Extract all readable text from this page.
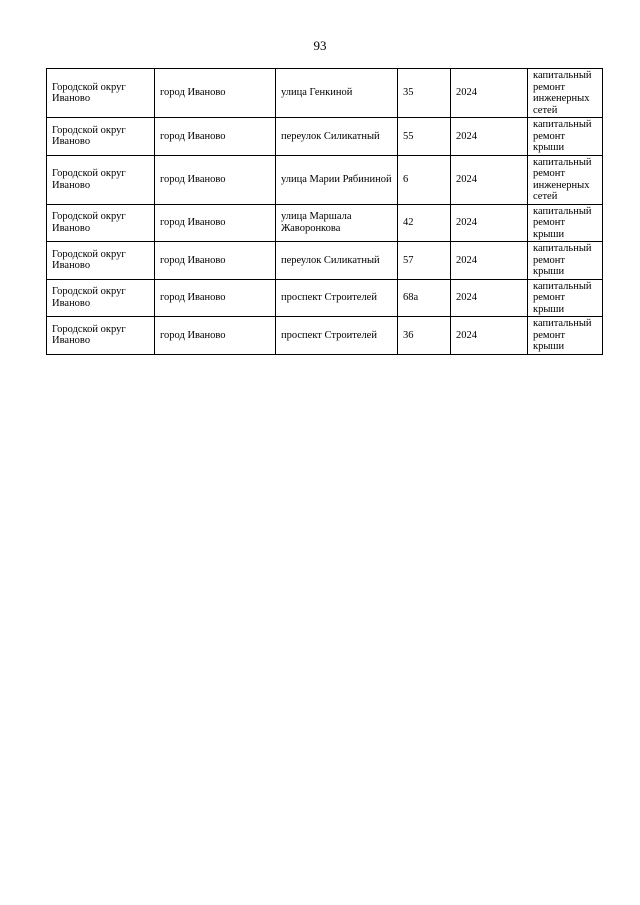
93
Городской округ Иваново	город Иваново	улица Генкиной	35	2024	капитальный ремонт инженерных сетей
Городской округ Иваново	город Иваново	переулок Силикатный	55	2024	капитальный ремонт крыши
Городской округ Иваново	город Иваново	улица Марии Рябининой	6	2024	капитальный ремонт инженерных сетей
Городской округ Иваново	город Иваново	улица Маршала Жаворонкова	42	2024	капитальный ремонт крыши
Городской округ Иваново	город Иваново	переулок Силикатный	57	2024	капитальный ремонт крыши
Городской округ Иваново	город Иваново	проспект Строителей	68а	2024	капитальный ремонт крыши
Городской округ Иваново	город Иваново	проспект Строителей	36	2024	капитальный ремонт крыши
